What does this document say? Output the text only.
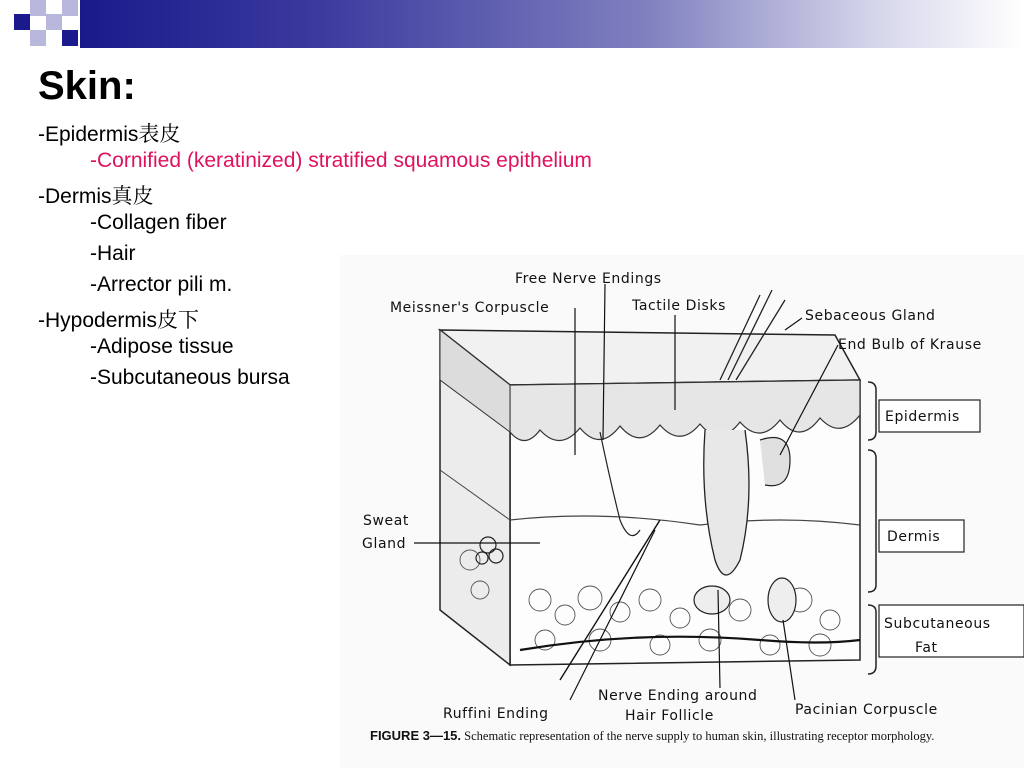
Skin:
-Epidermis表皮
-Cornified (keratinized) stratified squamous epithelium
-Dermis真皮
-Collagen fiber
-Hair
-Arrector pili m.
-Hypodermis皮下
-Adipose tissue
-Subcutaneous bursa
Free Nerve Endings
Meissner's Corpuscle	Tactile Disks
Sebaceous Gland
End Bulb of Krause
Sweat
Gland
Ruffini Ending
Nerve Ending around
Hair Follicle	Pacinian Corpuscle
Epidermis
Dermis
Subcutaneous
Fat
FIGURE 3—15. Schematic representation of the nerve supply to human skin, illustrating receptor morphology.
